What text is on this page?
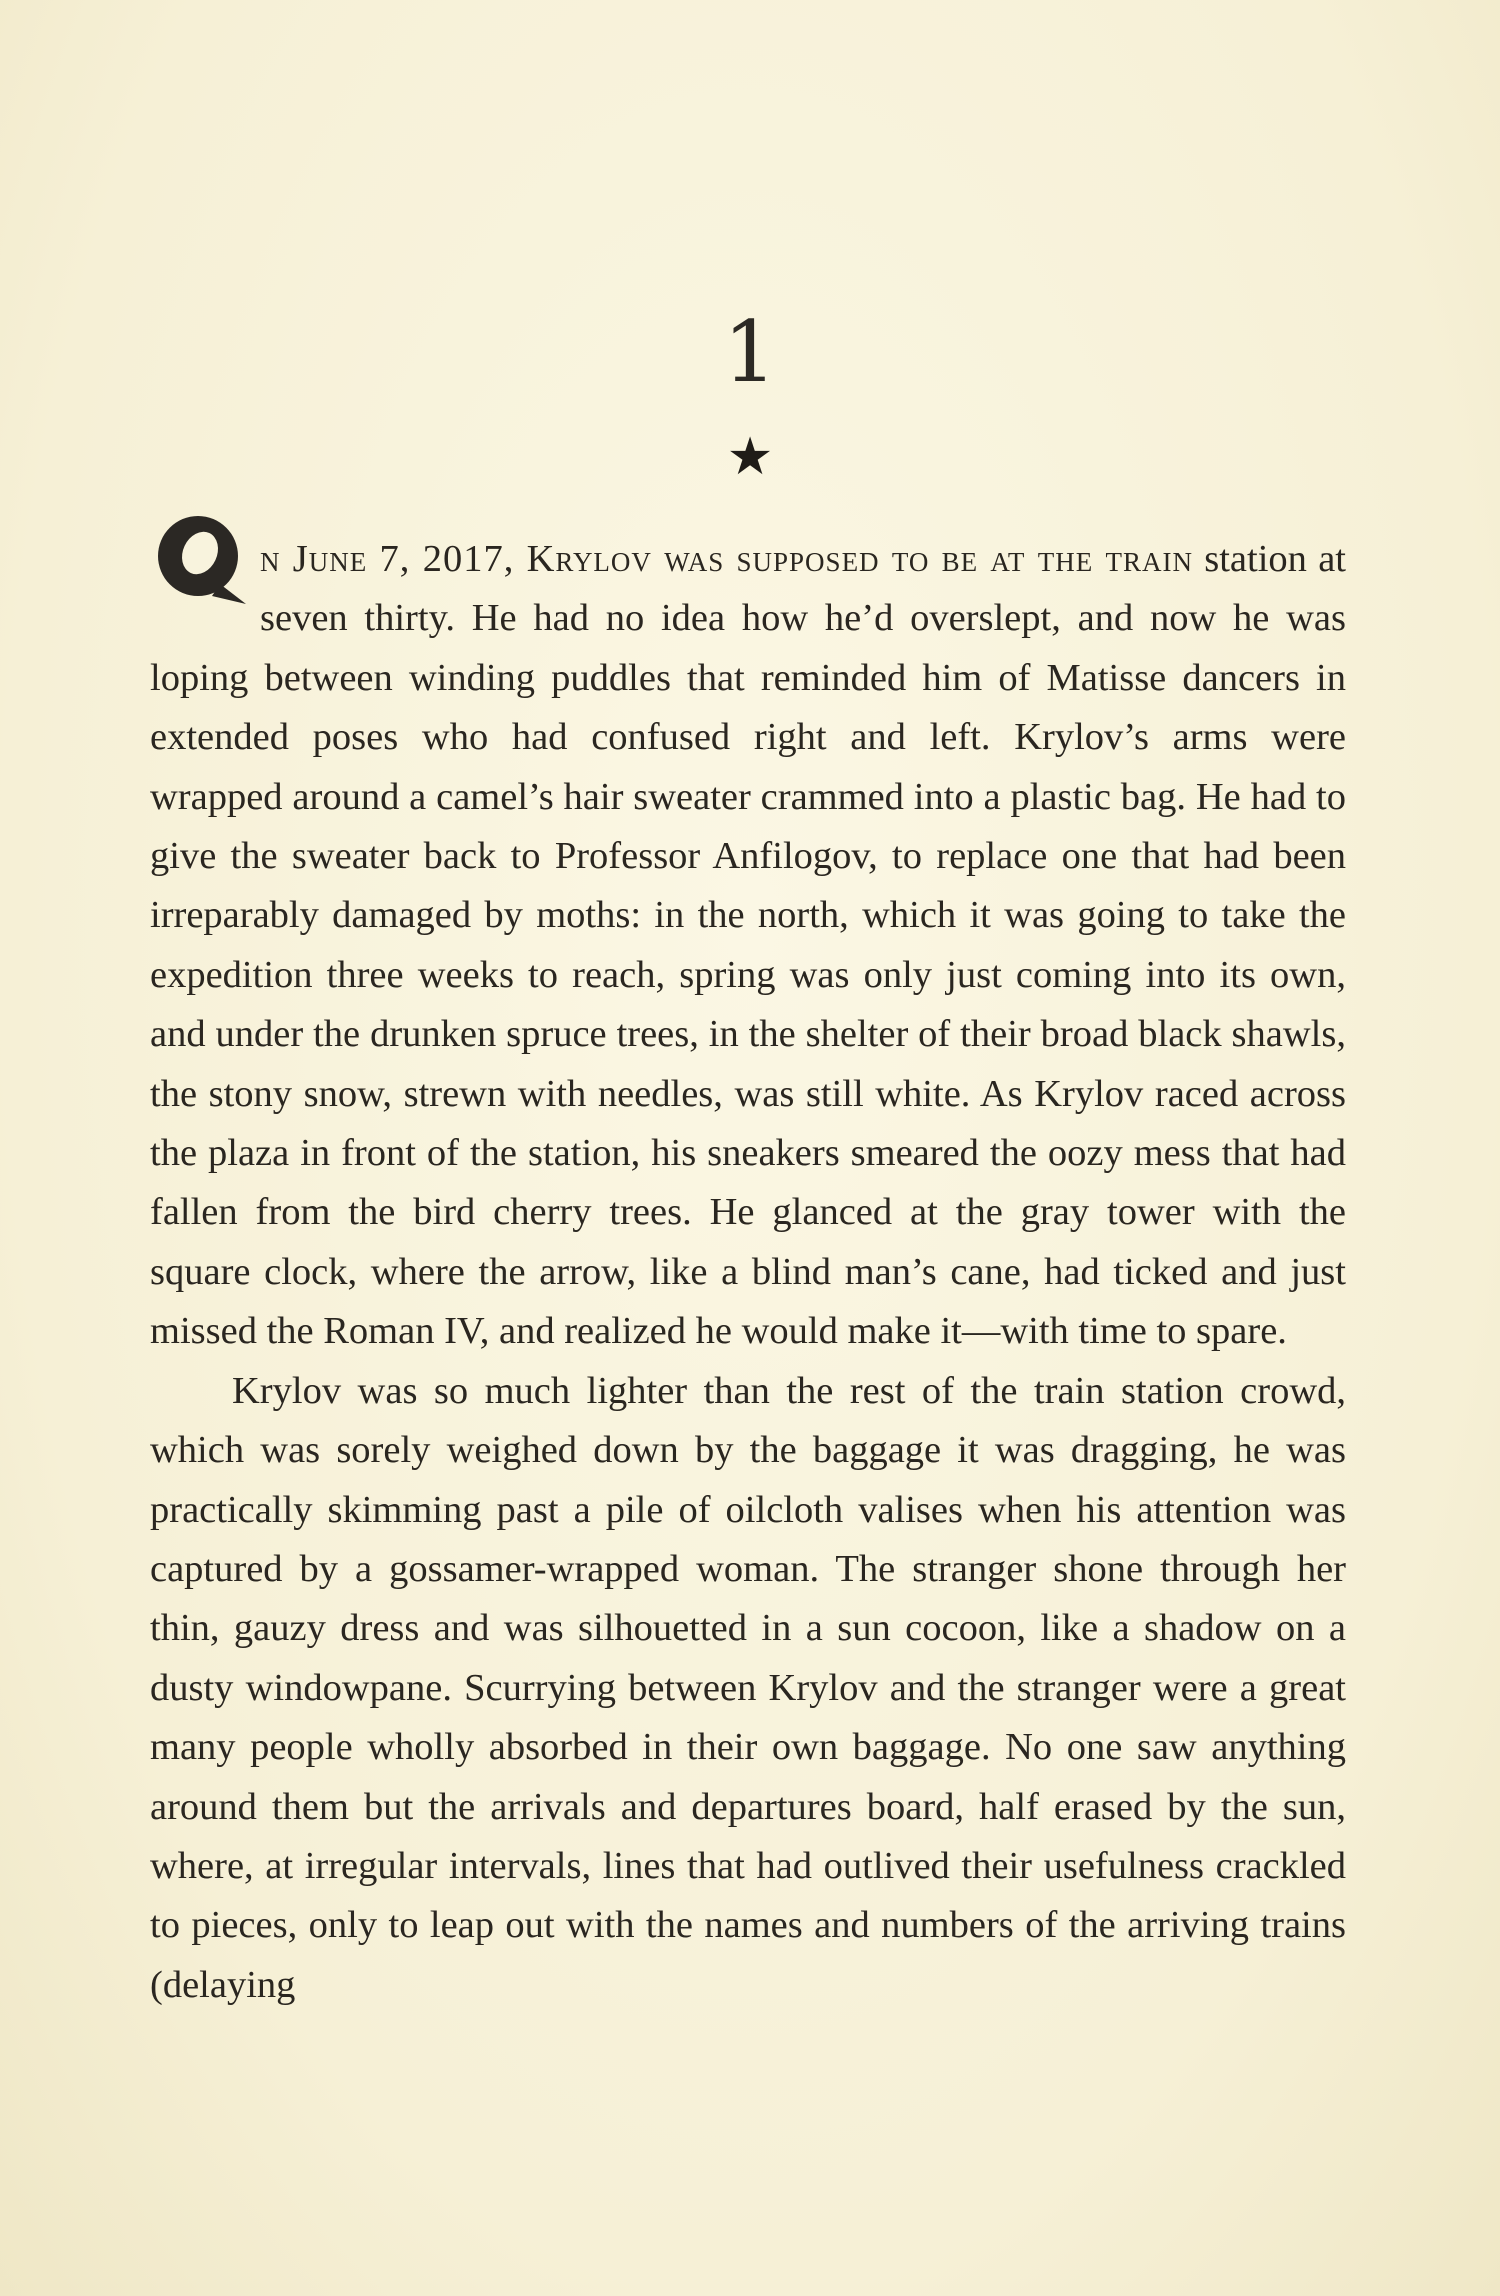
1
★

n June 7, 2017, Krylov was supposed to be at the train station at seven thirty. He had no idea how he’d overslept, and now he was loping between winding puddles that reminded him of Matisse dancers in extended poses who had confused right and left. Krylov’s arms were wrapped around a camel’s hair sweater crammed into a plastic bag. He had to give the sweater back to Professor Anfilogov, to replace one that had been irreparably damaged by moths: in the north, which it was going to take the expedition three weeks to reach, spring was only just coming into its own, and under the drunken spruce trees, in the shelter of their broad black shawls, the stony snow, strewn with needles, was still white. As Krylov raced across the plaza in front of the station, his sneakers smeared the oozy mess that had fallen from the bird cherry trees. He glanced at the gray tower with the square clock, where the arrow, like a blind man’s cane, had ticked and just missed the Roman IV, and realized he would make it—with time to spare.

Krylov was so much lighter than the rest of the train station crowd, which was sorely weighed down by the baggage it was dragging, he was practically skimming past a pile of oilcloth valises when his attention was captured by a gossamer-wrapped woman. The stranger shone through her thin, gauzy dress and was silhouetted in a sun cocoon, like a shadow on a dusty windowpane. Scurrying between Krylov and the stranger were a great many people wholly absorbed in their own baggage. No one saw anything around them but the arrivals and departures board, half erased by the sun, where, at irregular intervals, lines that had outlived their usefulness crackled to pieces, only to leap out with the names and numbers of the arriving trains (delaying
